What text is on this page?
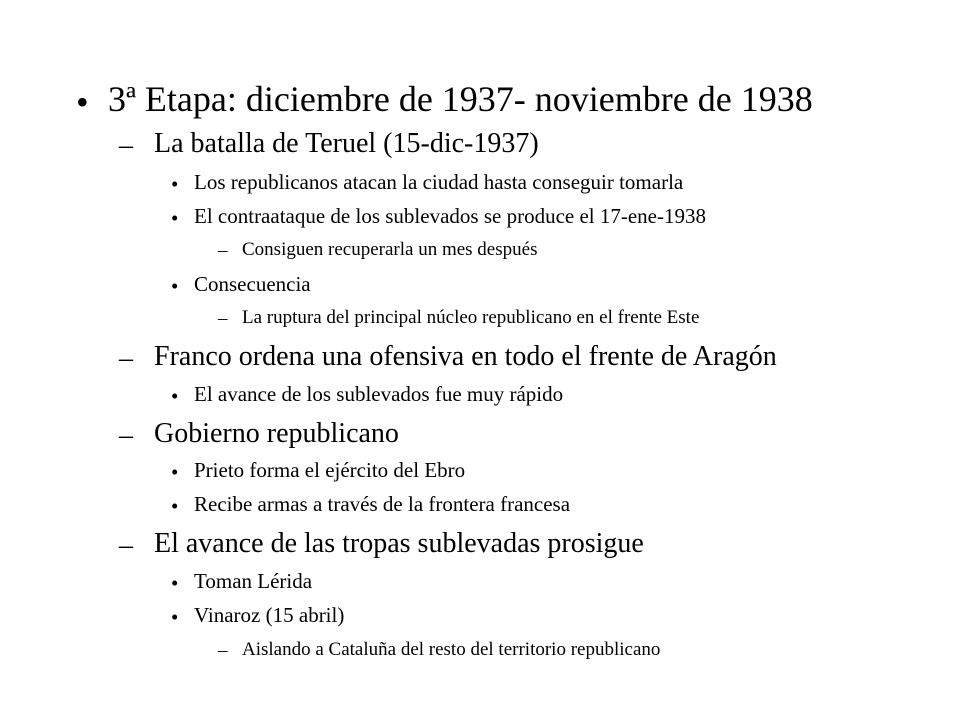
• 3ª Etapa: diciembre de 1937- noviembre de 1938
– La batalla de Teruel (15-dic-1937)
• Los republicanos atacan la ciudad hasta conseguir tomarla
• El contraataque de los sublevados se produce el 17-ene-1938
– Consiguen recuperarla un mes después
• Consecuencia
– La ruptura del principal núcleo republicano en el frente Este
– Franco ordena una ofensiva en todo el frente de Aragón
• El avance de los sublevados fue muy rápido
– Gobierno republicano
• Prieto forma el ejército del Ebro
• Recibe armas a través de la frontera francesa
– El avance de las tropas sublevadas prosigue
• Toman Lérida
• Vinaroz (15 abril)
– Aislando a Cataluña del resto del territorio republicano
